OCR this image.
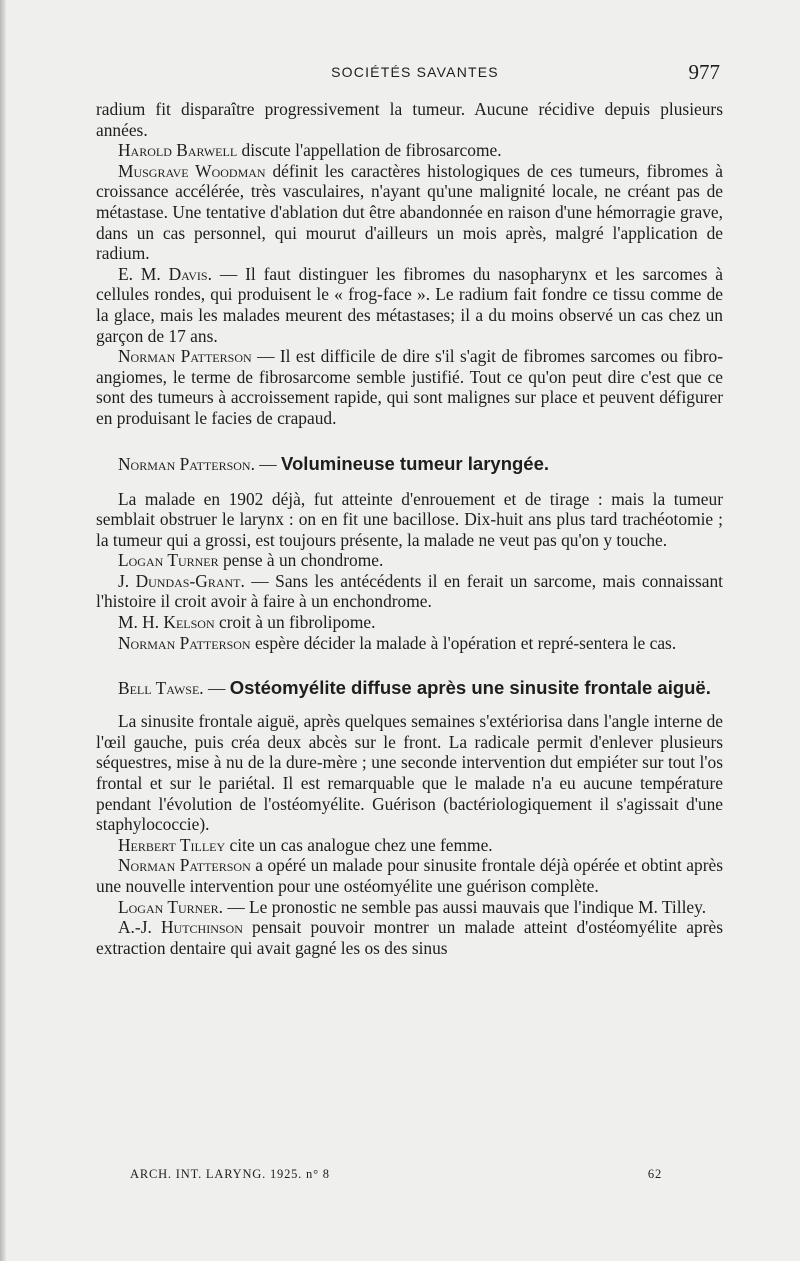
SOCIÉTÉS SAVANTES	977

radium fit disparaître progressivement la tumeur. Aucune récidive depuis plusieurs années.

Harold Barwell discute l'appellation de fibrosarcome.

Musgrave Woodman définit les caractères histologiques de ces tumeurs, fibromes à croissance accélérée, très vasculaires, n'ayant qu'une malignité locale, ne créant pas de métastase. Une tentative d'ablation dut être abandonnée en raison d'une hémorragie grave, dans un cas personnel, qui mourut d'ailleurs un mois après, malgré l'application de radium.

E. M. Davis. — Il faut distinguer les fibromes du nasopharynx et les sarcomes à cellules rondes, qui produisent le « frog-face ». Le radium fait fondre ce tissu comme de la glace, mais les malades meurent des métastases; il a du moins observé un cas chez un garçon de 17 ans.

Norman Patterson — Il est difficile de dire s'il s'agit de fibromes sarcomes ou fibro-angiomes, le terme de fibrosarcome semble justifié. Tout ce qu'on peut dire c'est que ce sont des tumeurs à accroissement rapide, qui sont malignes sur place et peuvent défigurer en produisant le facies de crapaud.

Norman Patterson. — Volumineuse tumeur laryngée.

La malade en 1902 déjà, fut atteinte d'enrouement et de tirage : mais la tumeur semblait obstruer le larynx : on en fit une bacillose. Dix-huit ans plus tard trachéotomie ; la tumeur qui a grossi, est toujours présente, la malade ne veut pas qu'on y touche.

Logan Turner pense à un chondrome.

J. Dundas-Grant. — Sans les antécédents il en ferait un sarcome, mais connaissant l'histoire il croit avoir à faire à un enchondrome.

M. H. Kelson croit à un fibrolipome.

Norman Patterson espère décider la malade à l'opération et repré-sentera le cas.

Bell Tawse. — Ostéomyélite diffuse après une sinusite frontale aiguë.

La sinusite frontale aiguë, après quelques semaines s'extériorisa dans l'angle interne de l'œil gauche, puis créa deux abcès sur le front. La radicale permit d'enlever plusieurs séquestres, mise à nu de la dure-mère ; une seconde intervention dut empiéter sur tout l'os frontal et sur le pariétal. Il est remarquable que le malade n'a eu aucune température pendant l'évolution de l'ostéomyélite. Guérison (bactériologiquement il s'agissait d'une staphylococcie).

Herbert Tilley cite un cas analogue chez une femme.

Norman Patterson a opéré un malade pour sinusite frontale déjà opérée et obtint après une nouvelle intervention pour une ostéomyélite une guérison complète.

Logan Turner. — Le pronostic ne semble pas aussi mauvais que l'indique M. Tilley.

A.-J. Hutchinson pensait pouvoir montrer un malade atteint d'ostéomyélite après extraction dentaire qui avait gagné les os des sinus

ARCH. INT. LARYNG. 1925. n° 8	62
